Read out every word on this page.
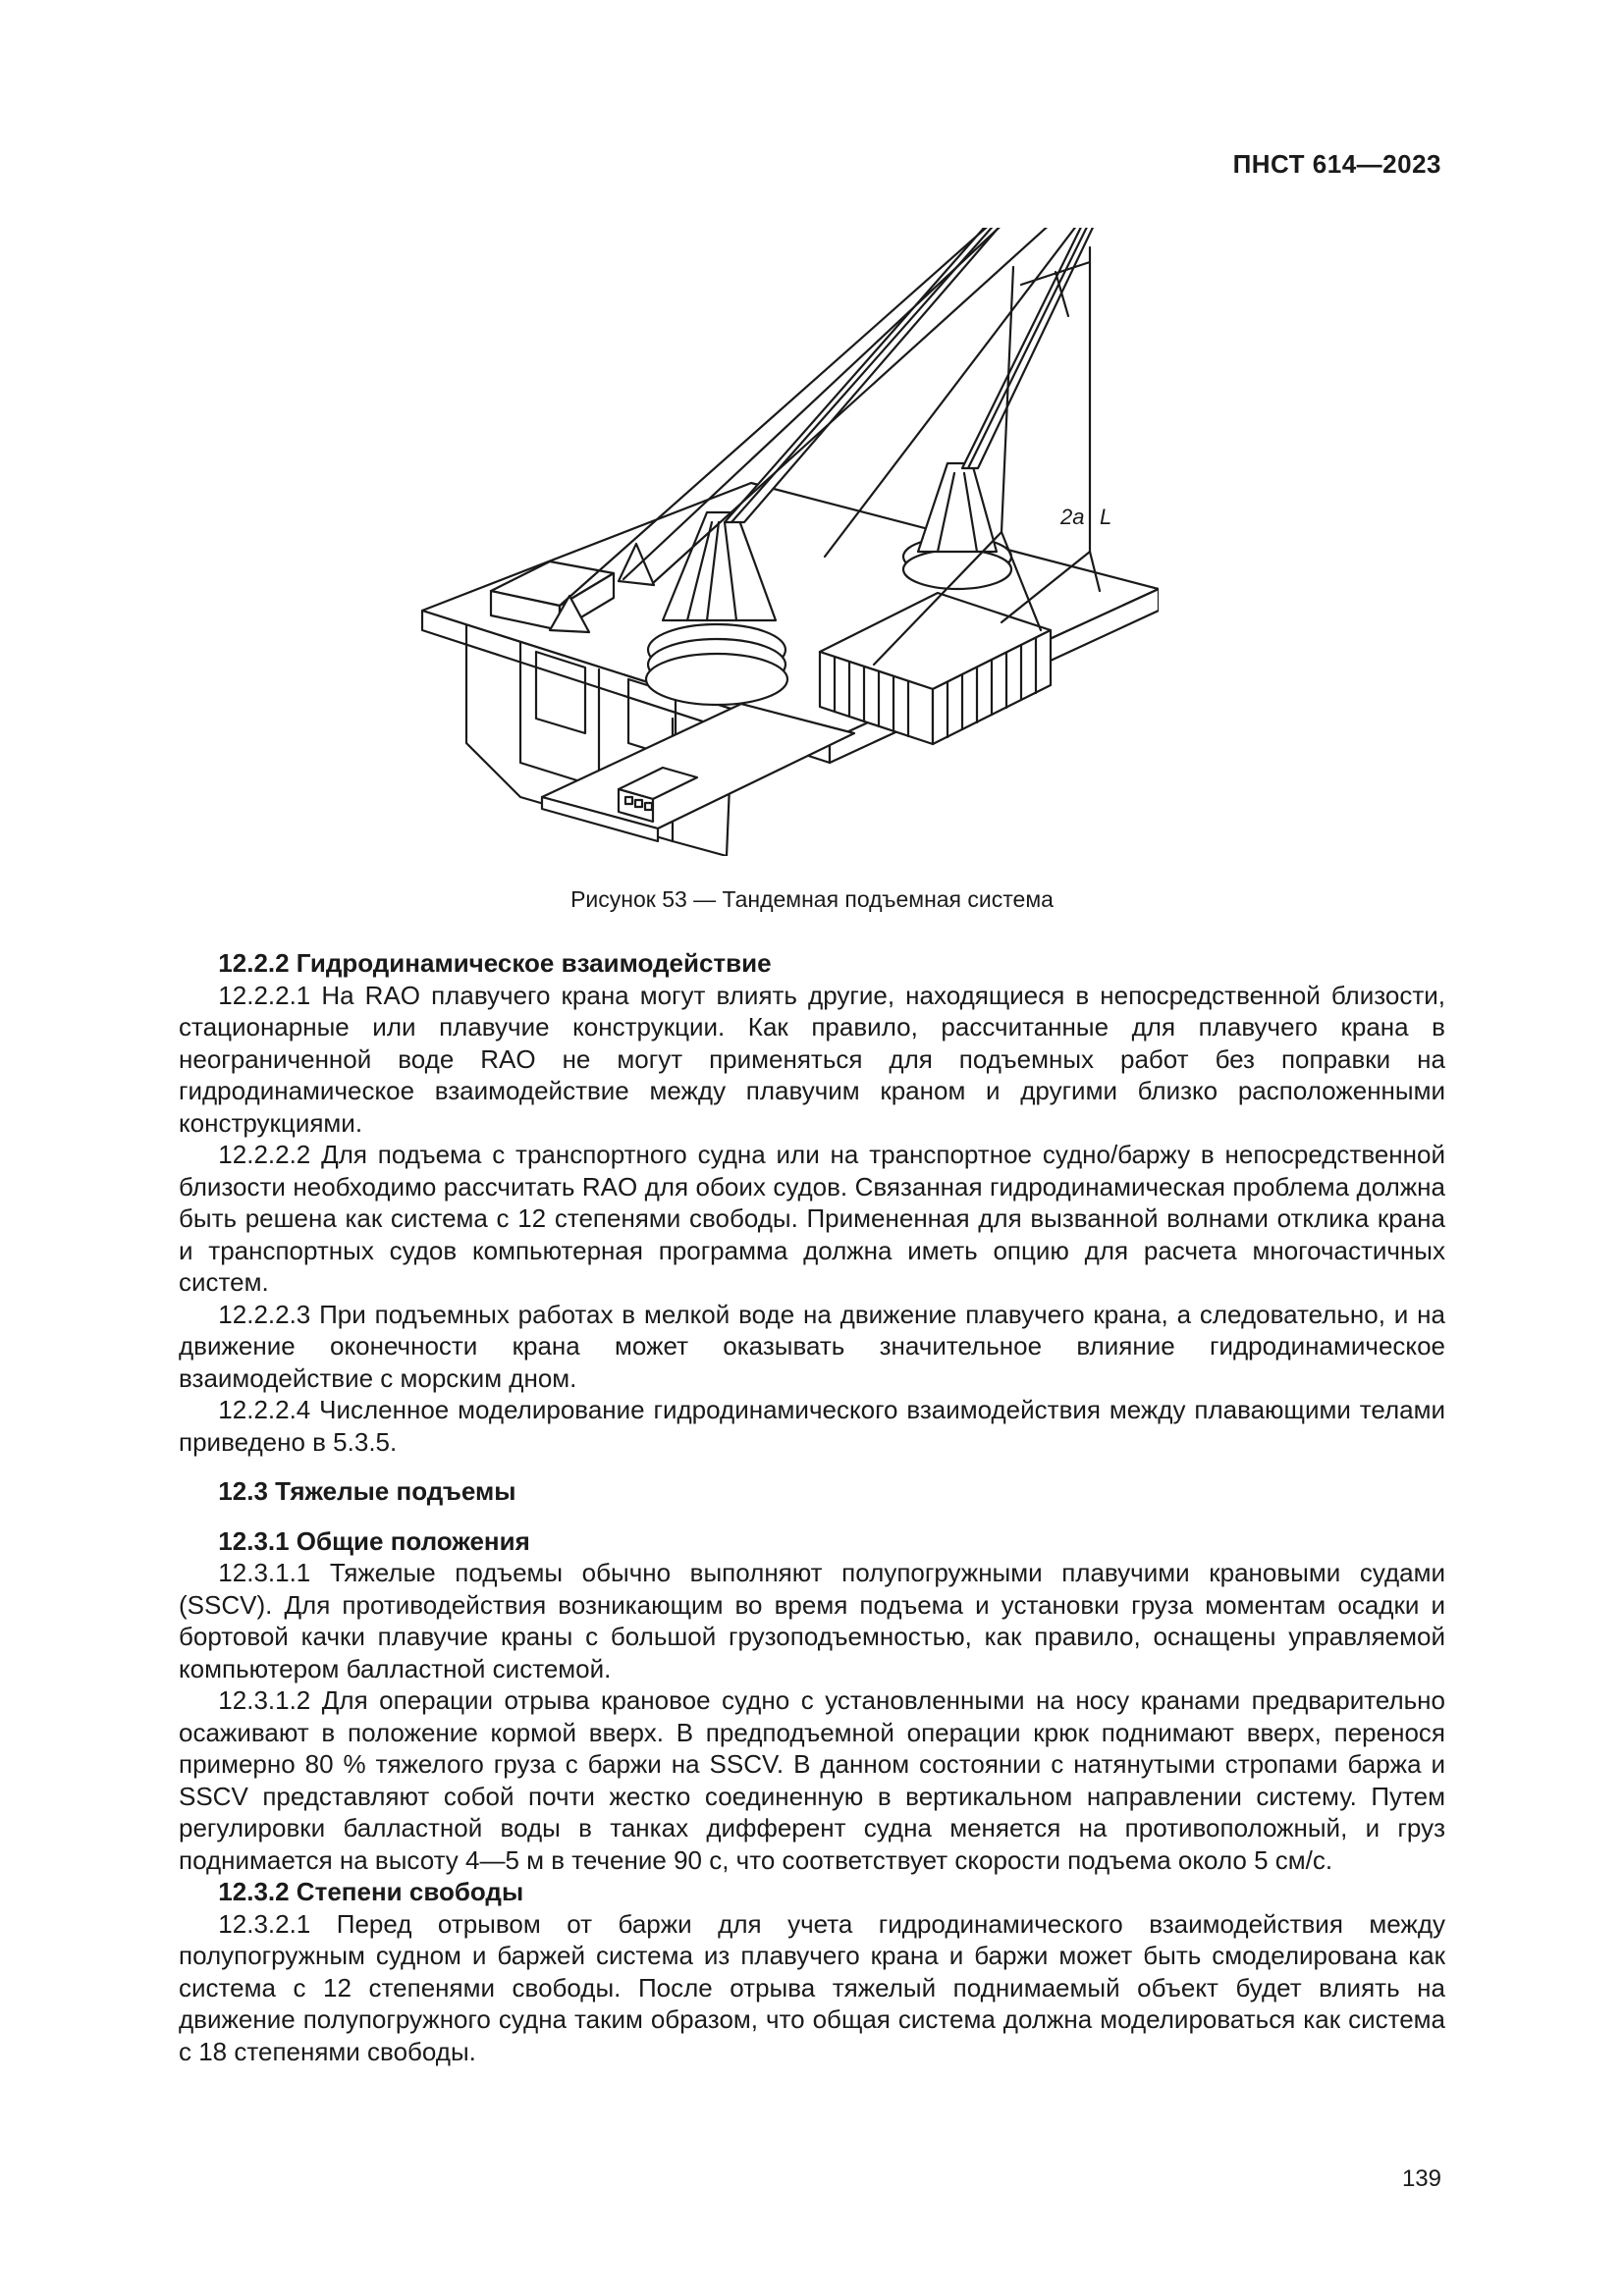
ПНСТ 614—2023
2a L
Рисунок 53 — Тандемная подъемная система
12.2.2 Гидродинамическое взаимодействие

12.2.2.1 На RAO плавучего крана могут влиять другие, находящиеся в непосредственной близости, стационарные или плавучие конструкции. Как правило, рассчитанные для плавучего крана в неограниченной воде RAO не могут применяться для подъемных работ без поправки на гидродинамическое взаимодействие между плавучим краном и другими близко расположенными конструкциями.

12.2.2.2 Для подъема с транспортного судна или на транспортное судно/баржу в непосредственной близости необходимо рассчитать RAO для обоих судов. Связанная гидродинамическая проблема должна быть решена как система с 12 степенями свободы. Примененная для вызванной волнами отклика крана и транспортных судов компьютерная программа должна иметь опцию для расчета многочастичных систем.

12.2.2.3 При подъемных работах в мелкой воде на движение плавучего крана, а следовательно, и на движение оконечности крана может оказывать значительное влияние гидродинамическое взаимодействие с морским дном.

12.2.2.4 Численное моделирование гидродинамического взаимодействия между плавающими телами приведено в 5.3.5.

12.3 Тяжелые подъемы
12.3.1 Общие положения

12.3.1.1 Тяжелые подъемы обычно выполняют полупогружными плавучими крановыми судами (SSCV). Для противодействия возникающим во время подъема и установки груза моментам осадки и бортовой качки плавучие краны с большой грузоподъемностью, как правило, оснащены управляемой компьютером балластной системой.

12.3.1.2 Для операции отрыва крановое судно с установленными на носу кранами предварительно осаживают в положение кормой вверх. В предподъемной операции крюк поднимают вверх, перенося примерно 80 % тяжелого груза с баржи на SSCV. В данном состоянии с натянутыми стропами баржа и SSCV представляют собой почти жестко соединенную в вертикальном направлении систему. Путем регулировки балластной воды в танках дифферент судна меняется на противоположный, и груз поднимается на высоту 4—5 м в течение 90 с, что соответствует скорости подъема около 5 см/с.

12.3.2 Степени свободы

12.3.2.1 Перед отрывом от баржи для учета гидродинамического взаимодействия между полупогружным судном и баржей система из плавучего крана и баржи может быть смоделирована как система с 12 степенями свободы. После отрыва тяжелый поднимаемый объект будет влиять на движение полупогружного судна таким образом, что общая система должна моделироваться как система с 18 степенями свободы.

139
